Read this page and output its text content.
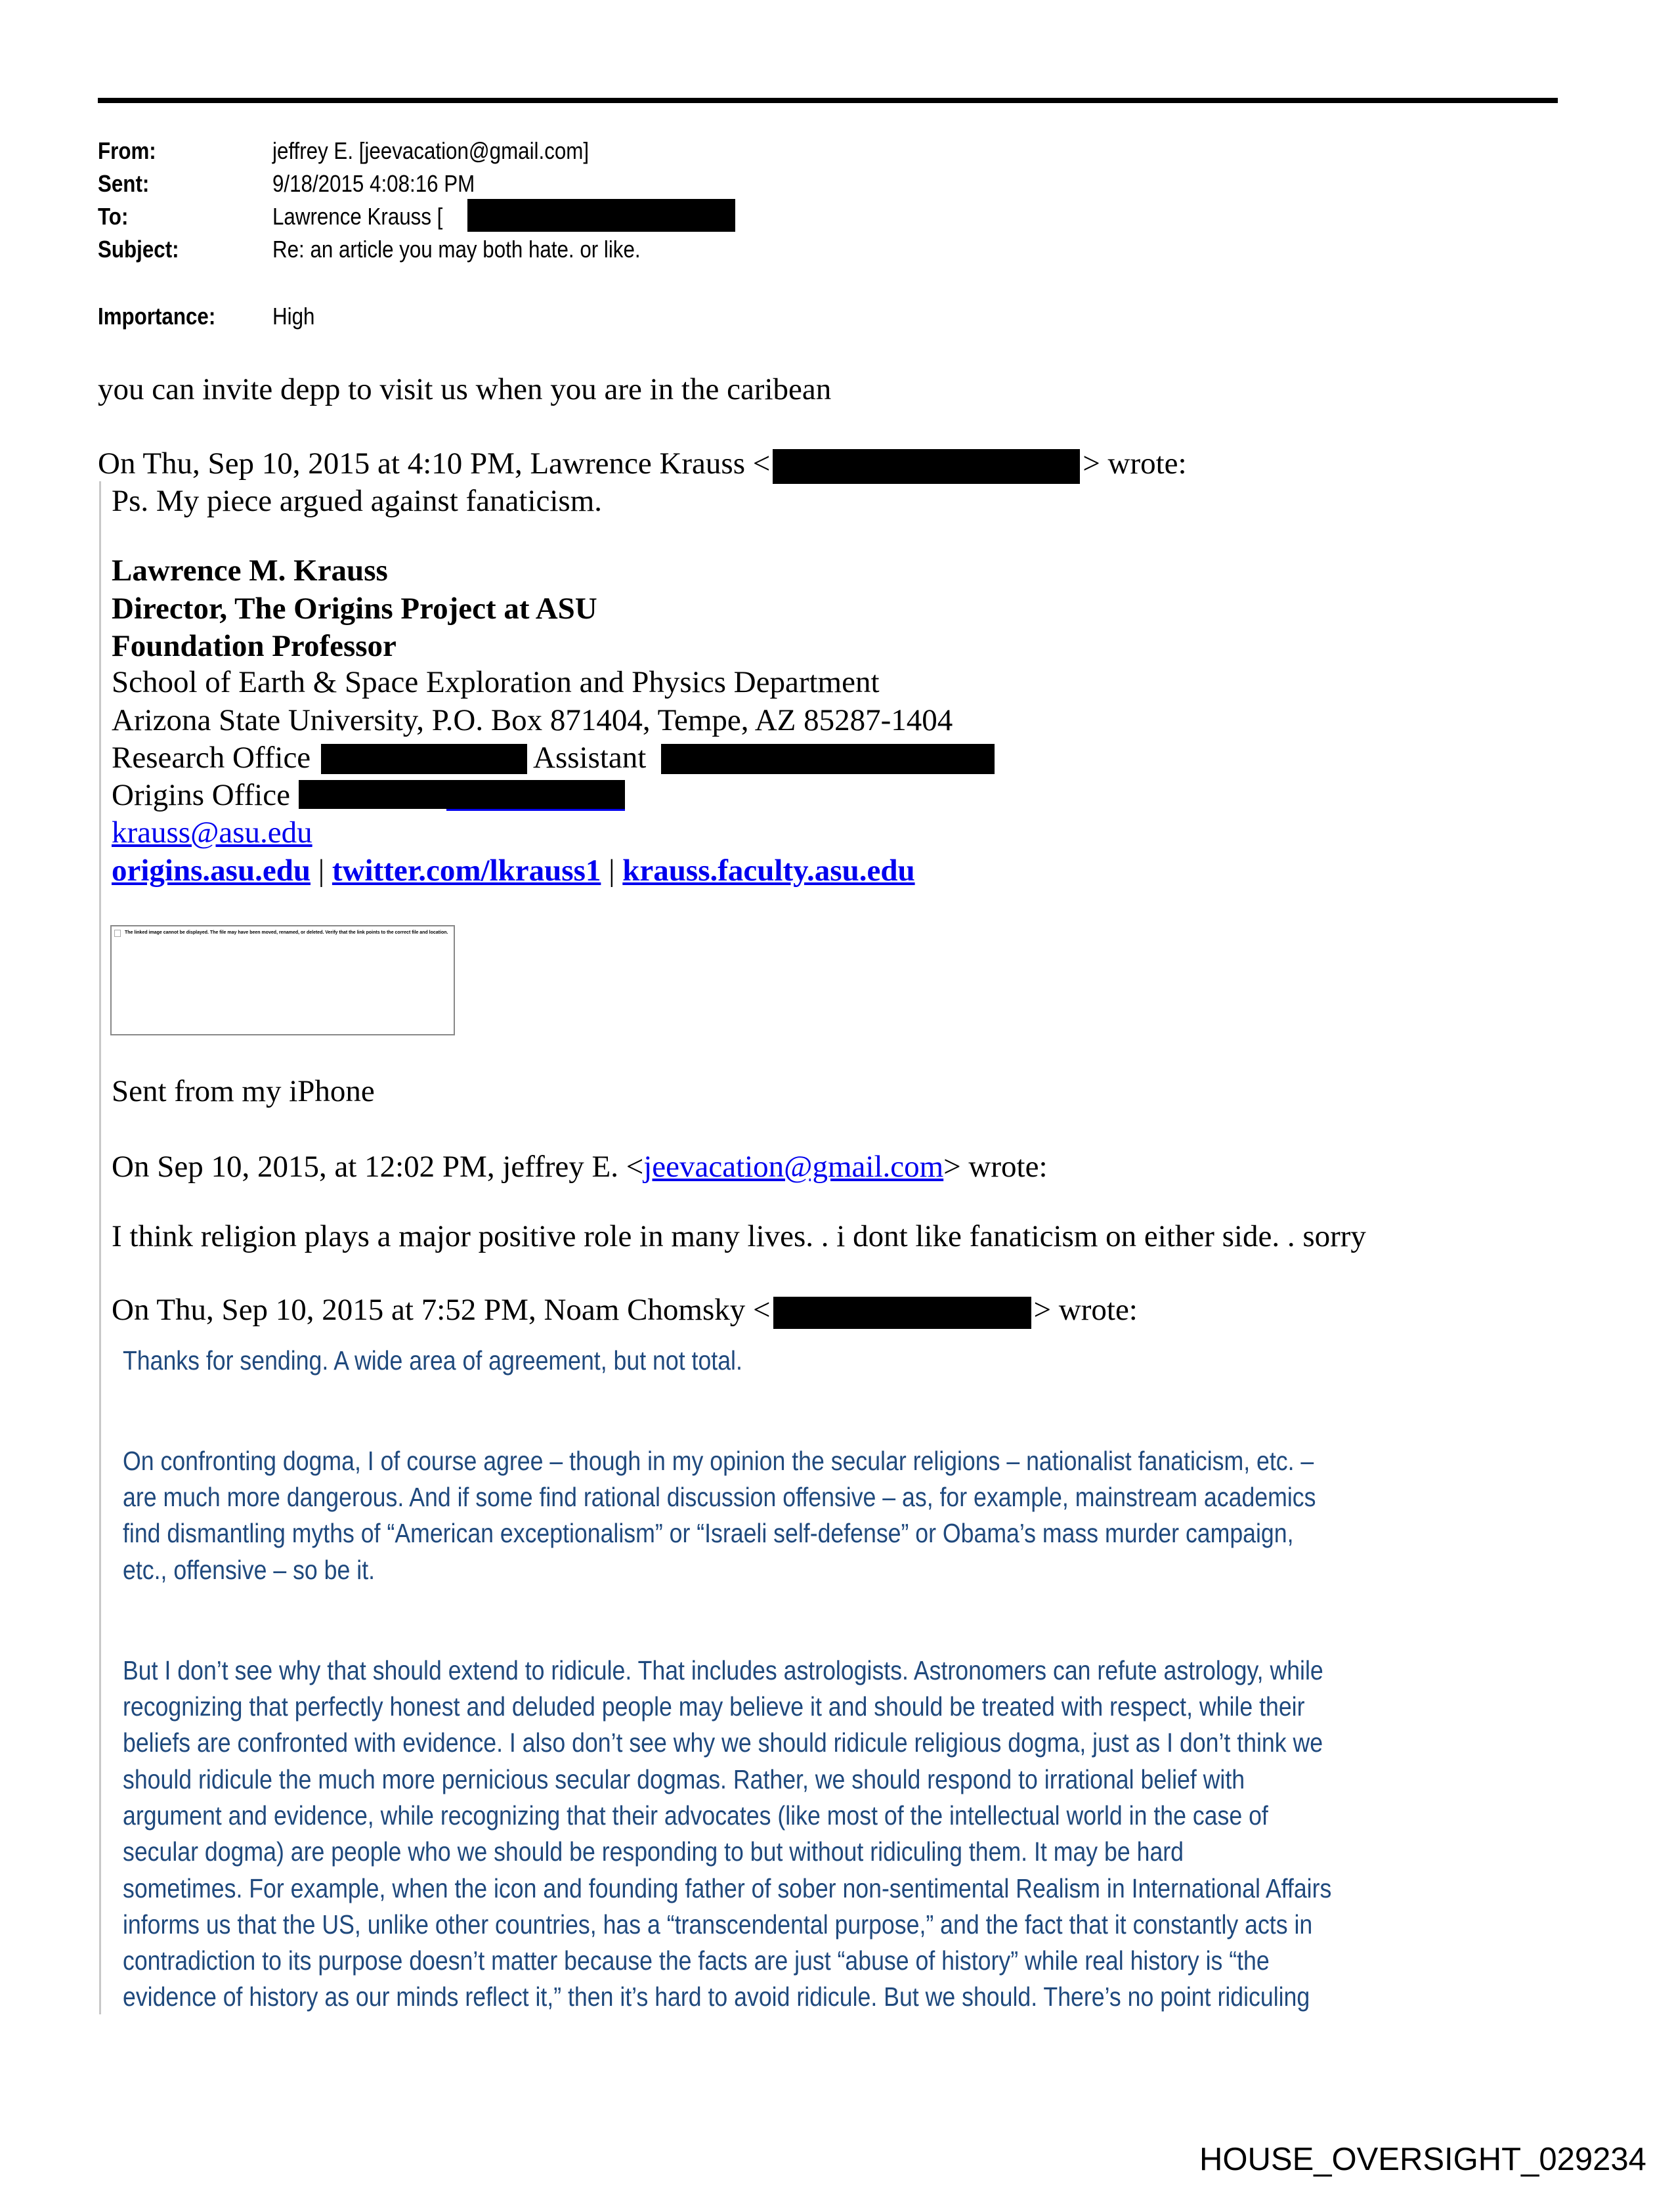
From:	jeffrey E. [jeevacation@gmail.com]
Sent:	9/18/2015 4:08:16 PM
To:	Lawrence Krauss [
Subject:	Re: an article you may both hate. or like.
Importance: High
you can invite depp to visit us when you are in the caribean
On Thu, Sep 10, 2015 at 4:10 PM, Lawrence Krauss <	> wrote:
Ps. My piece argued against fanaticism.
Lawrence M. Krauss
Director, The Origins Project at ASU
Foundation Professor
School of Earth & Space Exploration and Physics Department
Arizona State University, P.O. Box 871404, Tempe, AZ 85287-1404
Research Office	Assistant
Origins Office
krauss@asu.edu
origins.asu.edu | twitter.com/lkrauss1 | krauss.faculty.asu.edu
The linked image cannot be displayed. The file may have been moved, renamed, or deleted. Verify that the link points to the correct file and location.
Sent from my iPhone
On Sep 10, 2015, at 12:02 PM, jeffrey E. <jeevacation@gmail.com> wrote:
I think religion plays a major positive role in many lives. . i dont like fanaticism on either side. . sorry
On Thu, Sep 10, 2015 at 7:52 PM, Noam Chomsky <	> wrote:
Thanks for sending. A wide area of agreement, but not total.
On confronting dogma, I of course agree – though in my opinion the secular religions – nationalist fanaticism, etc. –
are much more dangerous. And if some find rational discussion offensive – as, for example, mainstream academics
find dismantling myths of “American exceptionalism” or “Israeli self-defense” or Obama’s mass murder campaign,
etc., offensive – so be it.
But I don’t see why that should extend to ridicule. That includes astrologists. Astronomers can refute astrology, while
recognizing that perfectly honest and deluded people may believe it and should be treated with respect, while their
beliefs are confronted with evidence. I also don’t see why we should ridicule religious dogma, just as I don’t think we
should ridicule the much more pernicious secular dogmas. Rather, we should respond to irrational belief with
argument and evidence, while recognizing that their advocates (like most of the intellectual world in the case of
secular dogma) are people who we should be responding to but without ridiculing them. It may be hard
sometimes. For example, when the icon and founding father of sober non-sentimental Realism in International Affairs
informs us that the US, unlike other countries, has a “transcendental purpose,” and the fact that it constantly acts in
contradiction to its purpose doesn’t matter because the facts are just “abuse of history” while real history is “the
evidence of history as our minds reflect it,” then it’s hard to avoid ridicule. But we should. There’s no point ridiculing
HOUSE_OVERSIGHT_029234
